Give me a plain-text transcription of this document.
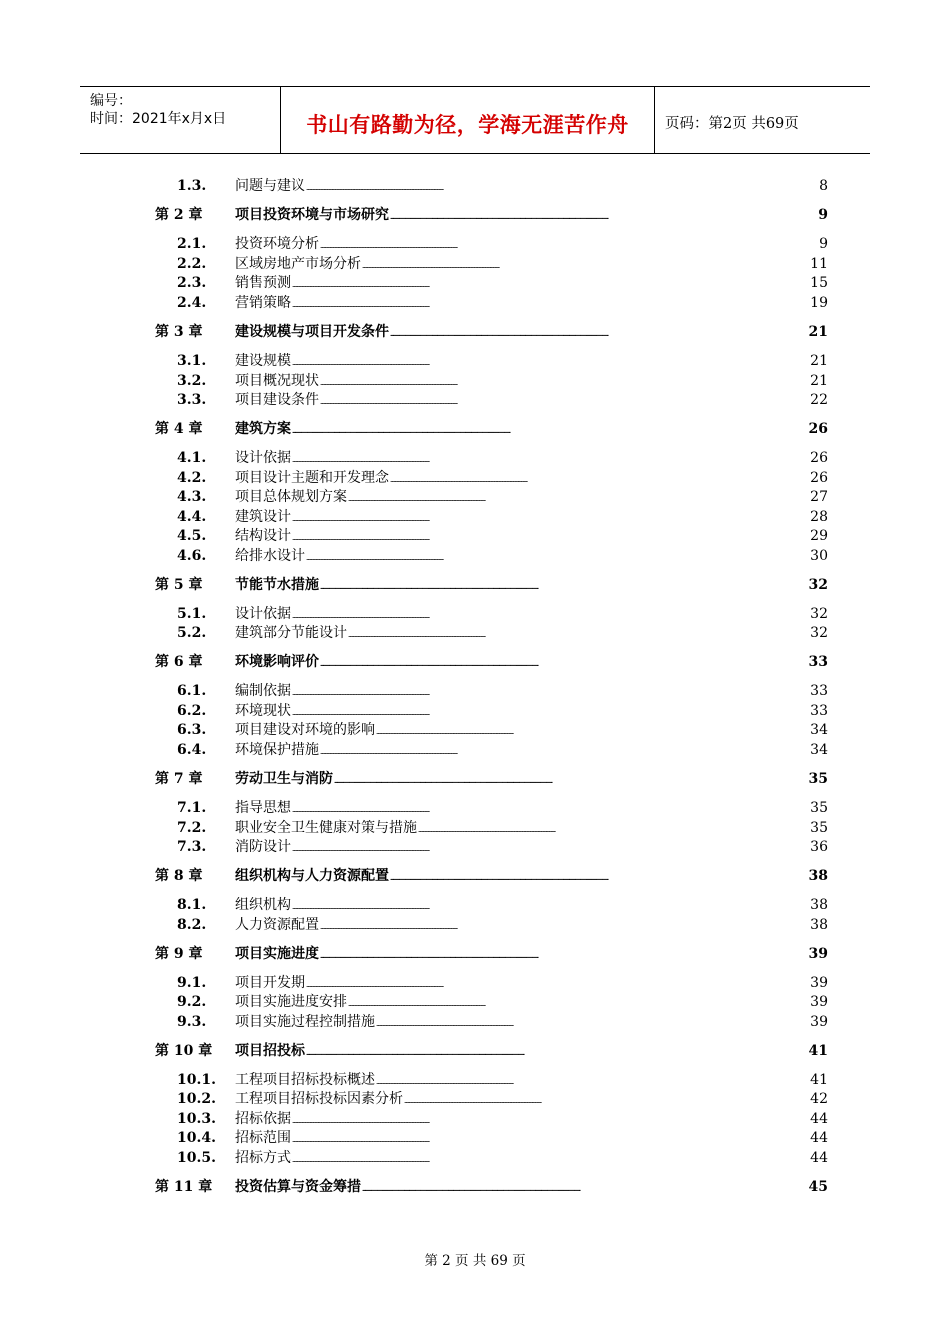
编号：
时间：2021年x月x日	书山有路勤为径，学海无涯苦作舟	页码：第2页 共69页
1.3. 问题与建议 . . .	8
第 2 章 项目投资环境与市场研究 . . .	9
2.1. 投资环境分析 . . .	9
2.2. 区域房地产市场分析 . . .	11
2.3. 销售预测 . . .	15
2.4. 营销策略 . . .	19
第 3 章 建设规模与项目开发条件 . . .	21
3.1. 建设规模 . . .	21
3.2. 项目概况现状 . . .	21
3.3. 项目建设条件 . . .	22
第 4 章 建筑方案 . . .	26
4.1. 设计依据 . . .	26
4.2. 项目设计主题和开发理念 . . .	26
4.3. 项目总体规划方案 . . .	27
4.4. 建筑设计 . . .	28
4.5. 结构设计 . . .	29
4.6. 给排水设计 . . .	30
第 5 章 节能节水措施 . . .	32
5.1. 设计依据 . . .	32
5.2. 建筑部分节能设计 . . .	32
第 6 章 环境影响评价 . . .	33
6.1. 编制依据 . . .	33
6.2. 环境现状 . . .	33
6.3. 项目建设对环境的影响 . . .	34
6.4. 环境保护措施 . . .	34
第 7 章 劳动卫生与消防 . . .	35
7.1. 指导思想 . . .	35
7.2. 职业安全卫生健康对策与措施 . . .	35
7.3. 消防设计 . . .	36
第 8 章 组织机构与人力资源配置 . . .	38
8.1. 组织机构 . . .	38
8.2. 人力资源配置 . . .	38
第 9 章 项目实施进度 . . .	39
9.1. 项目开发期 . . .	39
9.2. 项目实施进度安排 . . .	39
9.3. 项目实施过程控制措施 . . .	39
第 10 章 项目招投标 . . .	41
10.1. 工程项目招标投标概述 . . .	41
10.2. 工程项目招标投标因素分析 . . .	42
10.3. 招标依据 . . .	44
10.4. 招标范围 . . .	44
10.5. 招标方式 . . .	44
第 11 章 投资估算与资金筹措 . . .	45
第 2 页 共 69 页
